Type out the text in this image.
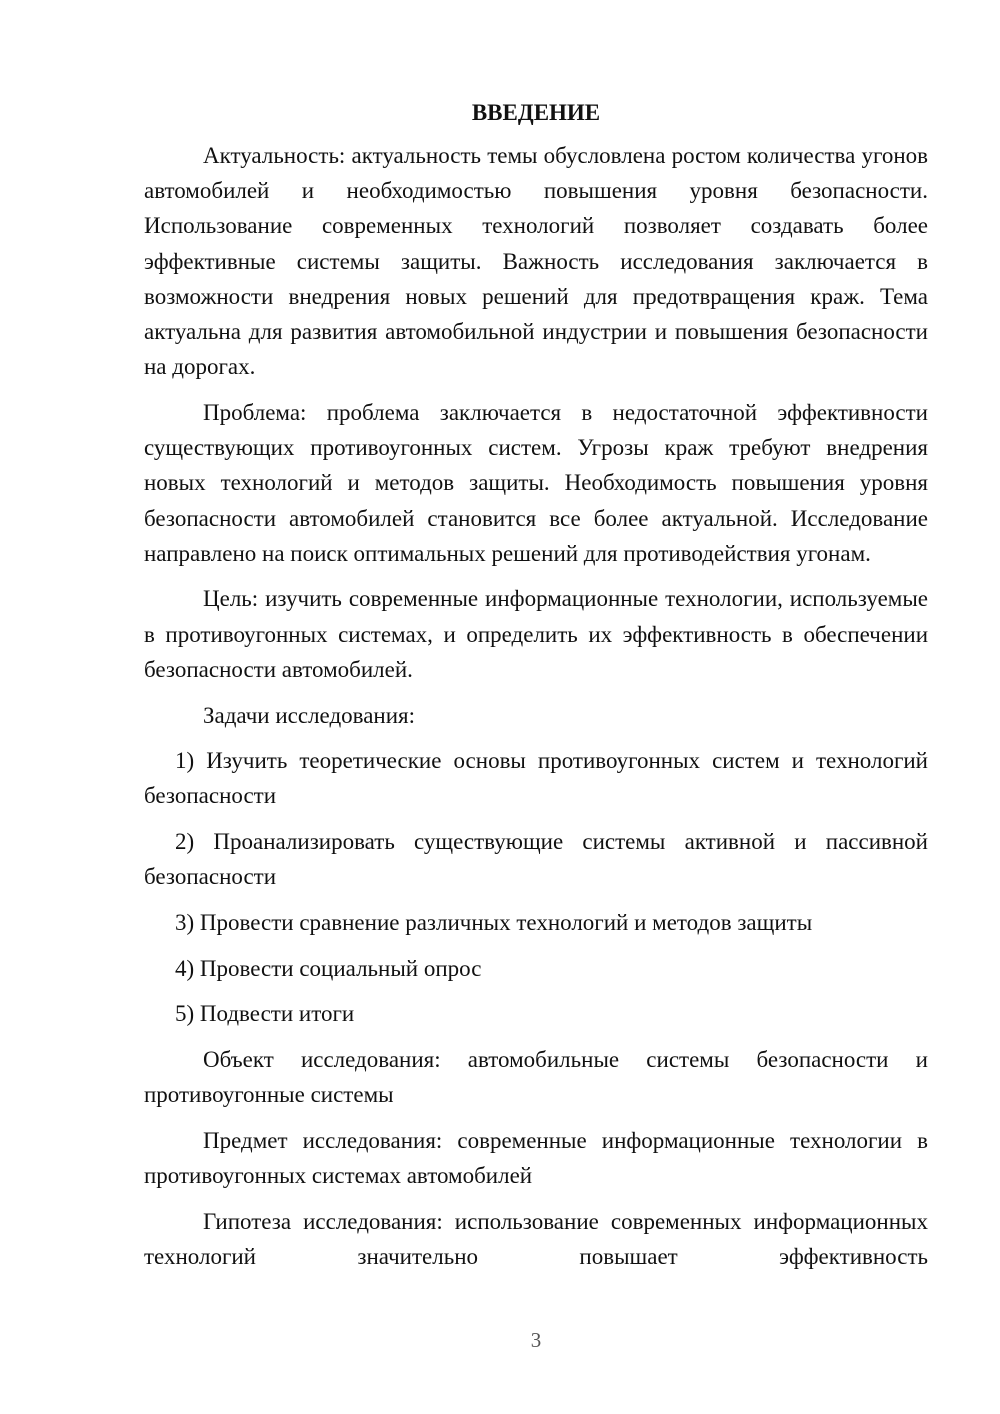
ВВЕДЕНИЕ

Актуальность: актуальность темы обусловлена ростом количества угонов автомобилей и необходимостью повышения уровня безопасности. Использование современных технологий позволяет создавать более эффективные системы защиты. Важность исследования заключается в возможности внедрения новых решений для предотвращения краж. Тема актуальна для развития автомобильной индустрии и повышения безопасности на дорогах.

Проблема: проблема заключается в недостаточной эффективности существующих противоугонных систем. Угрозы краж требуют внедрения новых технологий и методов защиты. Необходимость повышения уровня безопасности автомобилей становится все более актуальной. Исследование направлено на поиск оптимальных решений для противодействия угонам.

Цель: изучить современные информационные технологии, используемые в противоугонных системах, и определить их эффективность в обеспечении безопасности автомобилей.

Задачи исследования:

1) Изучить теоретические основы противоугонных систем и технологий безопасности

2) Проанализировать существующие системы активной и пассивной безопасности

3) Провести сравнение различных технологий и методов защиты

4) Провести социальный опрос

5) Подвести итоги

Объект исследования: автомобильные системы безопасности и противоугонные системы

Предмет исследования: современные информационные технологии в противоугонных системах автомобилей

Гипотеза исследования: использование современных информационных технологий значительно повышает эффективность

3
